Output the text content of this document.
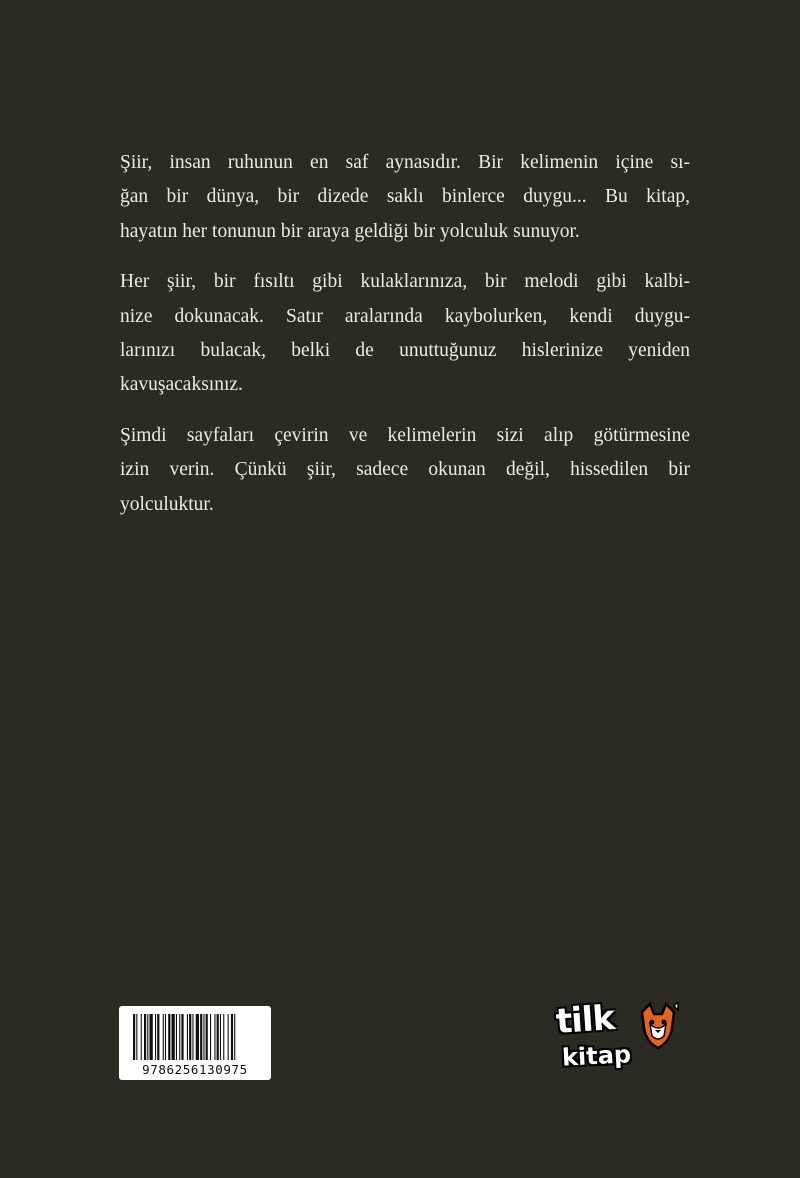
Şiir, insan ruhunun en saf aynasıdır. Bir kelimenin içine sı-
ğan bir dünya, bir dizede saklı binlerce duygu... Bu kitap,
hayatın her tonunun bir araya geldiği bir yolculuk sunuyor.
Her şiir, bir fısıltı gibi kulaklarınıza, bir melodi gibi kalbi-
nize dokunacak. Satır aralarında kaybolurken, kendi duygu-
larınızı bulacak, belki de unuttuğunuz hislerinize yeniden
kavuşacaksınız.
Şimdi sayfaları çevirin ve kelimelerin sizi alıp götürmesine
izin verin. Çünkü şiir, sadece okunan değil, hissedilen bir
yolculuktur.
9786256130975
tilk
kitap
